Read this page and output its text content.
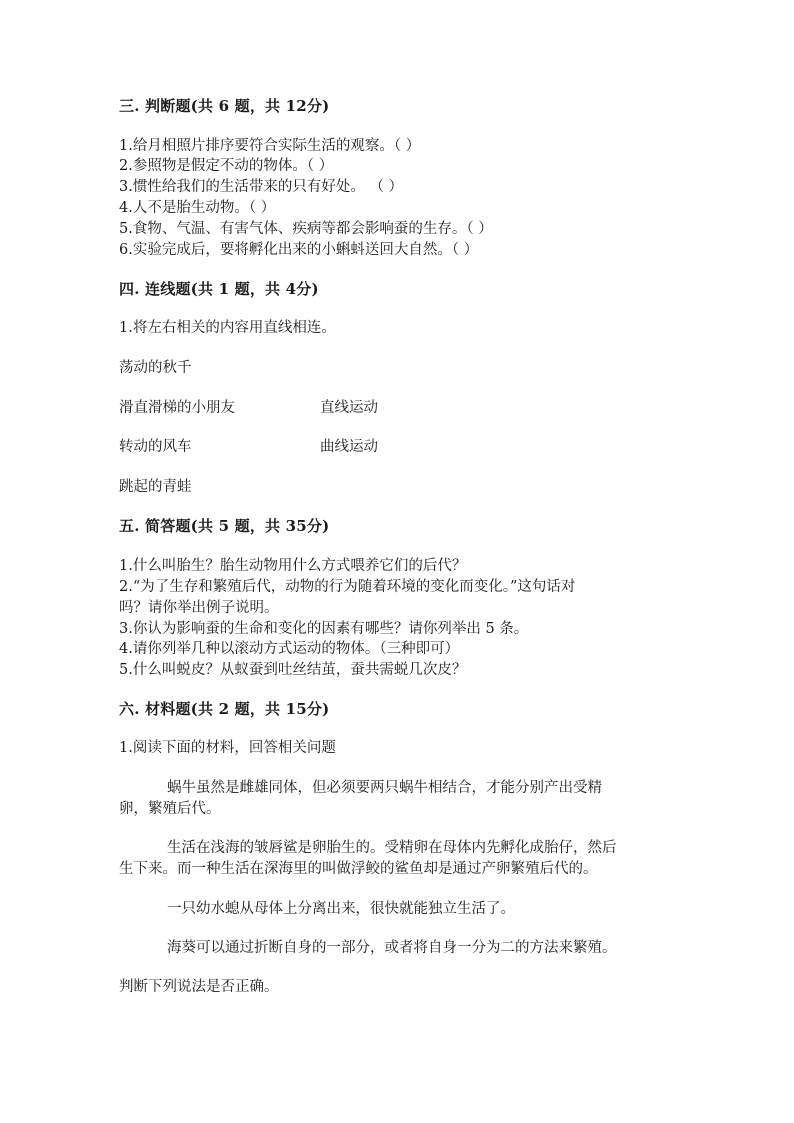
三. 判断题(共 6 题，共 12分)
1.给月相照片排序要符合实际生活的观察。（ ）
2.参照物是假定不动的物体。（ ）
3.惯性给我们的生活带来的只有好处。 （ ）
4.人不是胎生动物。（ ）
5.食物、气温、有害气体、疾病等都会影响蚕的生存。（ ）
6.实验完成后，要将孵化出来的小蝌蚪送回大自然。（ ）
四. 连线题(共 1 题，共 4分)
1.将左右相关的内容用直线相连。
荡动的秋千
滑直滑梯的小朋友	直线运动
转动的风车	曲线运动
跳起的青蛙
五. 简答题(共 5 题，共 35分)
1.什么叫胎生？胎生动物用什么方式喂养它们的后代？
2.“为了生存和繁殖后代，动物的行为随着环境的变化而变化。”这句话对
吗？请你举出例子说明。
3.你认为影响蚕的生命和变化的因素有哪些？请你列举出 5 条。
4.请你列举几种以滚动方式运动的物体。（三种即可）
5.什么叫蜕皮？从蚁蚕到吐丝结茧，蚕共需蜕几次皮？
六. 材料题(共 2 题，共 15分)
1.阅读下面的材料，回答相关问题
蜗牛虽然是雌雄同体，但必须要两只蜗牛相结合，才能分别产出受精
卵，繁殖后代。
生活在浅海的皱唇鲨是卵胎生的。受精卵在母体内先孵化成胎仔，然后
生下来。而一种生活在深海里的叫做浮鲛的鲨鱼却是通过产卵繁殖后代的。
一只幼水螅从母体上分离出来，很快就能独立生活了。
海葵可以通过折断自身的一部分，或者将自身一分为二的方法来繁殖。
判断下列说法是否正确。
